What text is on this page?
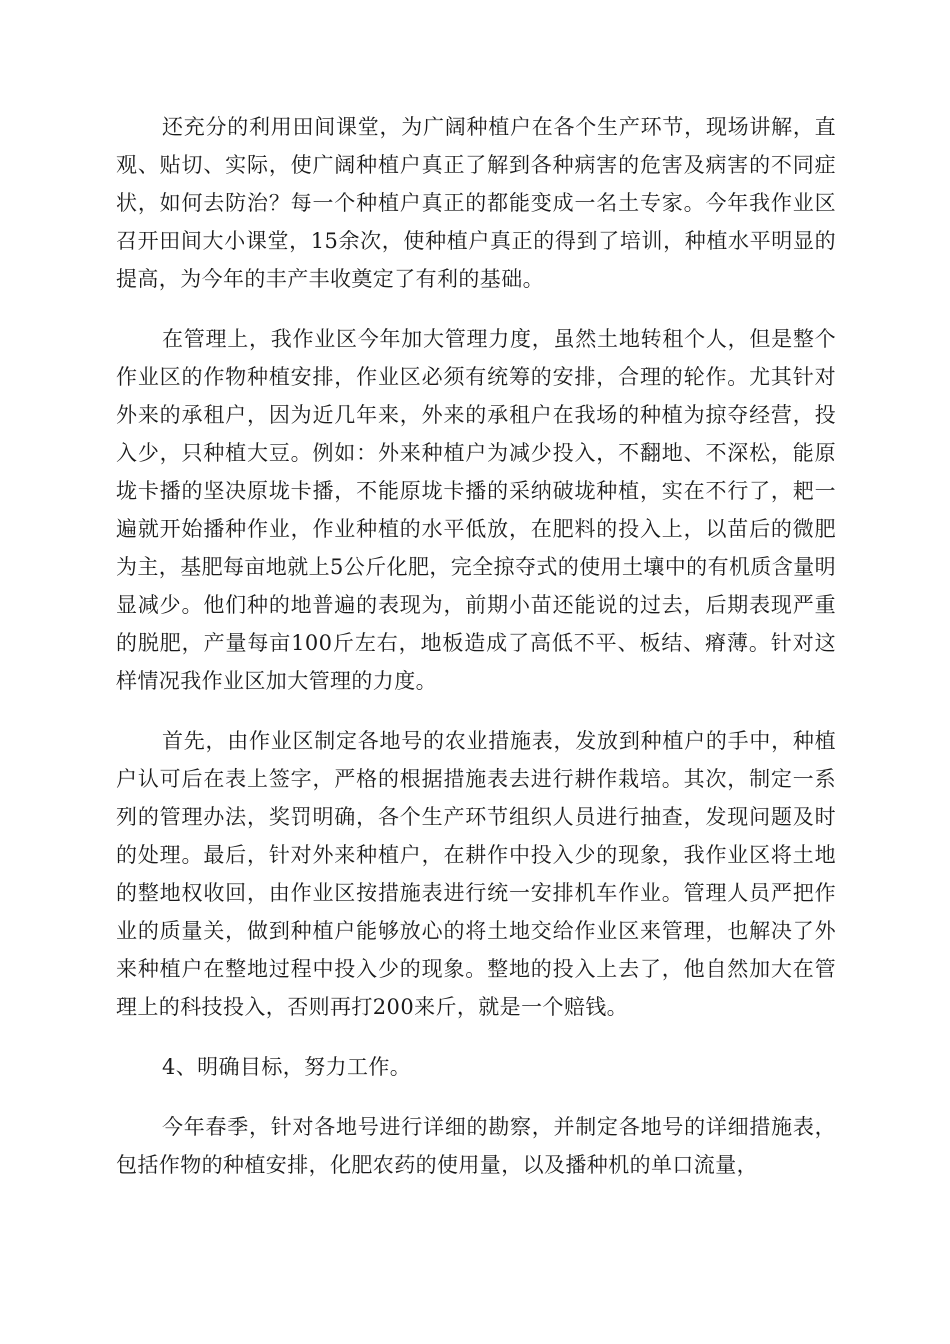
还充分的利用田间课堂，为广阔种植户在各个生产环节，现场讲解，直观、贴切、实际，使广阔种植户真正了解到各种病害的危害及病害的不同症状，如何去防治？每一个种植户真正的都能变成一名土专家。今年我作业区召开田间大小课堂，15余次，使种植户真正的得到了培训，种植水平明显的提高，为今年的丰产丰收奠定了有利的基础。

在管理上，我作业区今年加大管理力度，虽然土地转租个人，但是整个作业区的作物种植安排，作业区必须有统筹的安排，合理的轮作。尤其针对外来的承租户，因为近几年来，外来的承租户在我场的种植为掠夺经营，投入少，只种植大豆。例如：外来种植户为减少投入，不翻地、不深松，能原垅卡播的坚决原垅卡播，不能原垅卡播的采纳破垅种植，实在不行了，耙一遍就开始播种作业，作业种植的水平低放，在肥料的投入上，以苗后的微肥为主，基肥每亩地就上5公斤化肥，完全掠夺式的使用土壤中的有机质含量明显减少。他们种的地普遍的表现为，前期小苗还能说的过去，后期表现严重的脱肥，产量每亩100斤左右，地板造成了高低不平、板结、瘠薄。针对这样情况我作业区加大管理的力度。

首先，由作业区制定各地号的农业措施表，发放到种植户的手中，种植户认可后在表上签字，严格的根据措施表去进行耕作栽培。其次，制定一系列的管理办法，奖罚明确，各个生产环节组织人员进行抽查，发现问题及时的处理。最后，针对外来种植户，在耕作中投入少的现象，我作业区将土地的整地权收回，由作业区按措施表进行统一安排机车作业。管理人员严把作业的质量关，做到种植户能够放心的将土地交给作业区来管理，也解决了外来种植户在整地过程中投入少的现象。整地的投入上去了，他自然加大在管理上的科技投入，否则再打200来斤，就是一个赔钱。

4、明确目标，努力工作。

今年春季，针对各地号进行详细的勘察，并制定各地号的详细措施表，包括作物的种植安排，化肥农药的使用量，以及播种机的单口流量，
